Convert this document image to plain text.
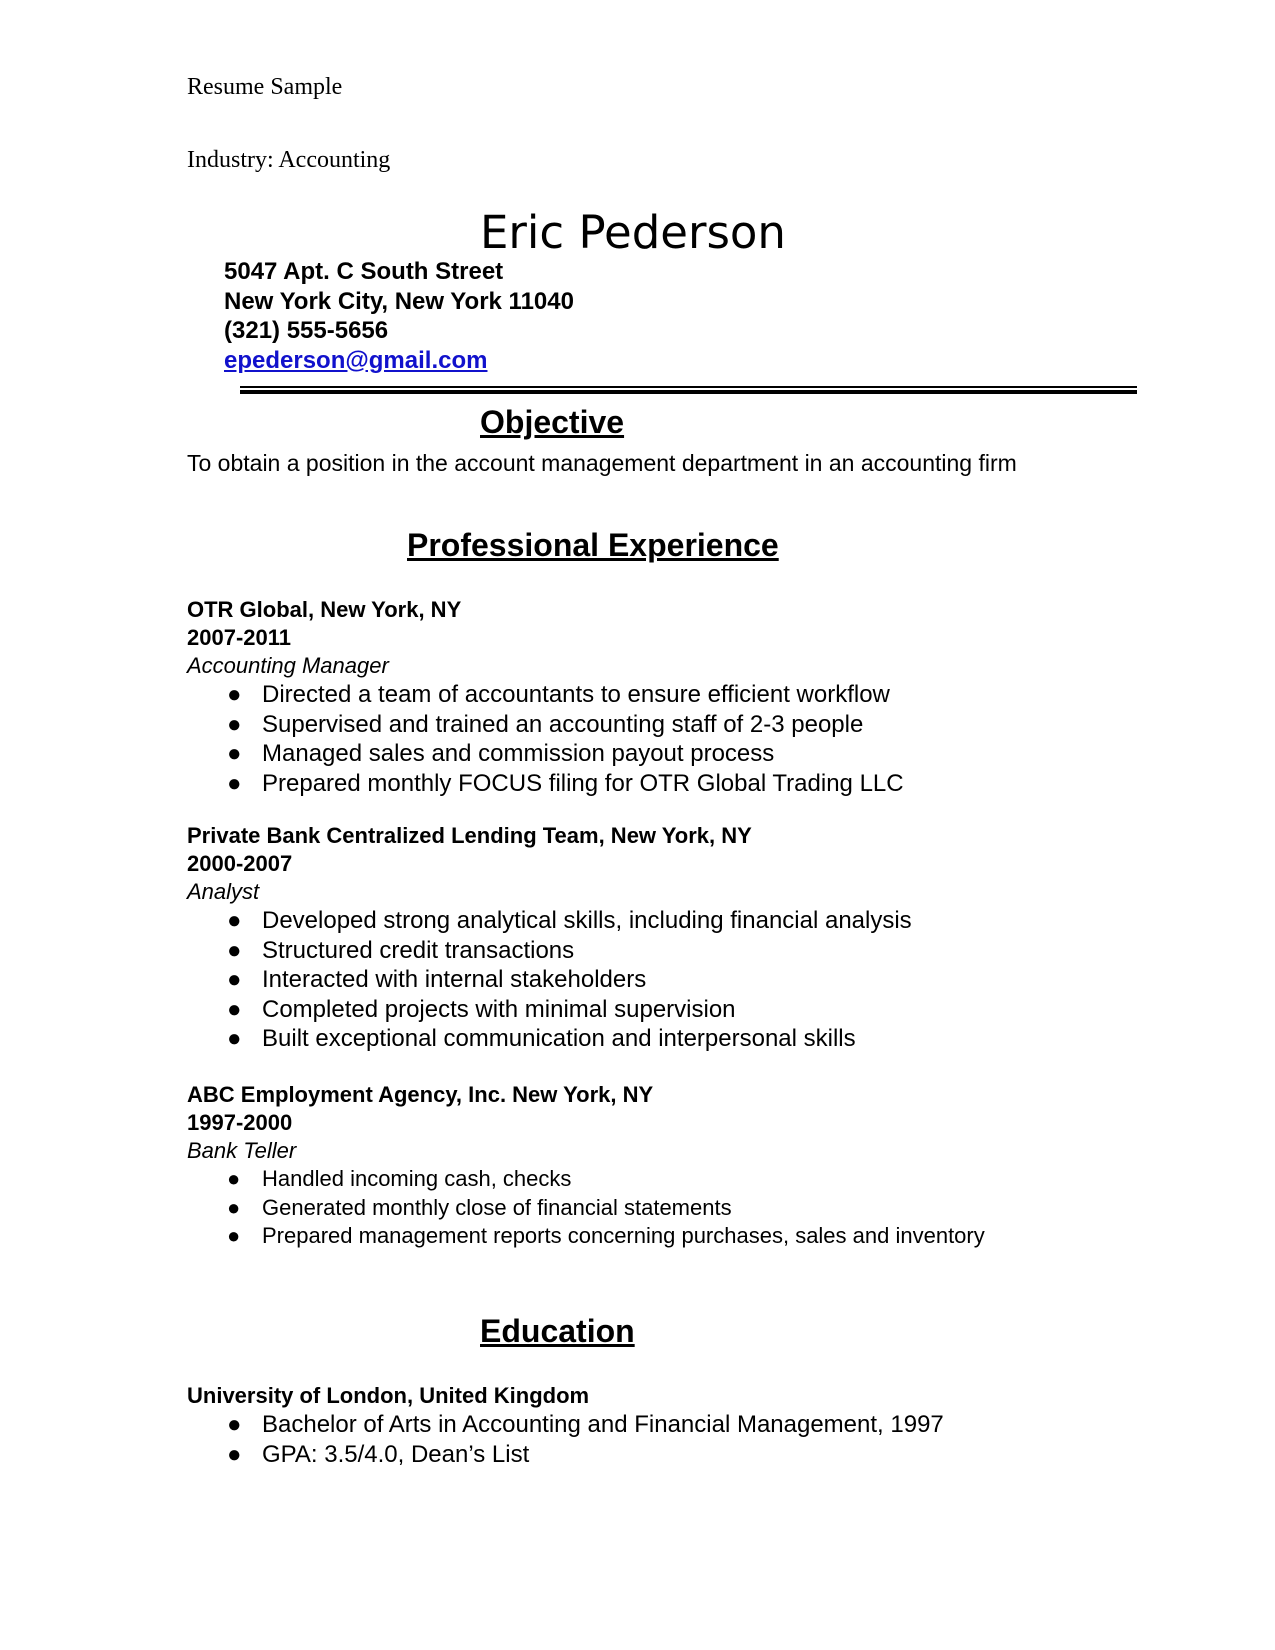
Resume Sample
Industry: Accounting
Eric Pederson
5047 Apt. C South Street
New York City, New York 11040
(321) 555-5656
epederson@gmail.com
Objective
To obtain a position in the account management department in an accounting firm
Professional Experience
OTR Global, New York, NY
2007-2011
Accounting Manager
● Directed a team of accountants to ensure efficient workflow
● Supervised and trained an accounting staff of 2-3 people
● Managed sales and commission payout process
● Prepared monthly FOCUS filing for OTR Global Trading LLC
Private Bank Centralized Lending Team, New York, NY
2000-2007
Analyst
● Developed strong analytical skills, including financial analysis
● Structured credit transactions
● Interacted with internal stakeholders
● Completed projects with minimal supervision
● Built exceptional communication and interpersonal skills
ABC Employment Agency, Inc. New York, NY
1997-2000
Bank Teller
● Handled incoming cash, checks
● Generated monthly close of financial statements
● Prepared management reports concerning purchases, sales and inventory
Education
University of London, United Kingdom
● Bachelor of Arts in Accounting and Financial Management, 1997
● GPA: 3.5/4.0, Dean’s List
